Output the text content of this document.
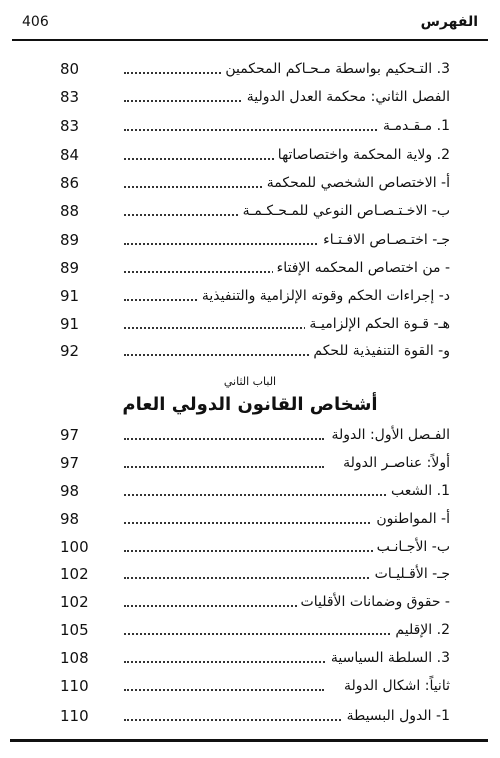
406	الفهرس
80	3. التـحكيم بواسطة مـحـاكم المحكمين
83	الفصل الثاني: محكمة العدل الدولية
83	1. مـقـدمـة
84	2. ولاية المحكمة واختصاصاتها
86	أ- الاختصاص الشخصي للمحكمة
88	ب- الاخـتـصـاص النوعي للمـحـكـمـة
89	جـ- اختـصـاص الافـتـاء
89	- من اختصاص المحكمه الإفتاء
91	د- إجراءات الحكم وقوته الإلزامية والتنفيذية
91	هـ- قـوة الحكم الإلزاميـة
92	و- القوة التنفيذية للحكم
الباب الثاني
أشخاص القانون الدولي العام
97	الفـصل الأول: الدولة
97	أولاً: عناصـر الدولة
98	1. الشعب
98	أ- المواطنون
100	ب- الأجـانـب
102	جـ- الأقـليـات
102	- حقوق وضمانات الأقليات
105	2. الإقليم
108	3. السلطة السياسية
110	ثانياً: اشكال الدولة
110	1- الدول البسيطة
